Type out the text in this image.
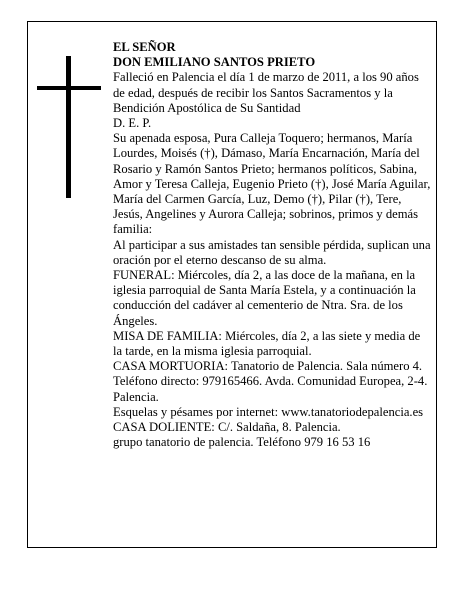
EL SEÑOR

DON EMILIANO SANTOS PRIETO

Falleció en Palencia el día 1 de marzo de 2011, a los 90 años de edad, después de recibir los Santos Sacramentos y la Bendición Apostólica de Su Santidad

D. E. P.

Su apenada esposa, Pura Calleja Toquero; hermanos, María Lourdes, Moisés (†), Dámaso, María Encarnación, María del Rosario y Ramón Santos Prieto; hermanos políticos, Sabina, Amor y Teresa Calleja, Eugenio Prieto (†), José María Aguilar, María del Carmen García, Luz, Demo (†), Pilar (†), Tere, Jesús, Angelines y Aurora Calleja; sobrinos, primos y demás familia:

Al participar a sus amistades tan sensible pérdida, suplican una oración por el eterno descanso de su alma.

FUNERAL: Miércoles, día 2, a las doce de la mañana, en la iglesia parroquial de Santa María Estela, y a continuación la conducción del cadáver al cementerio de Ntra. Sra. de los Ángeles.

MISA DE FAMILIA: Miércoles, día 2, a las siete y media de la tarde, en la misma iglesia parroquial.

CASA MORTUORIA: Tanatorio de Palencia. Sala número 4. Teléfono directo: 979165466. Avda. Comunidad Europea, 2-4. Palencia.

Esquelas y pésames por internet: www.tanatoriodepalencia.es

CASA DOLIENTE: C/. Saldaña, 8. Palencia.

grupo tanatorio de palencia. Teléfono 979 16 53 16
